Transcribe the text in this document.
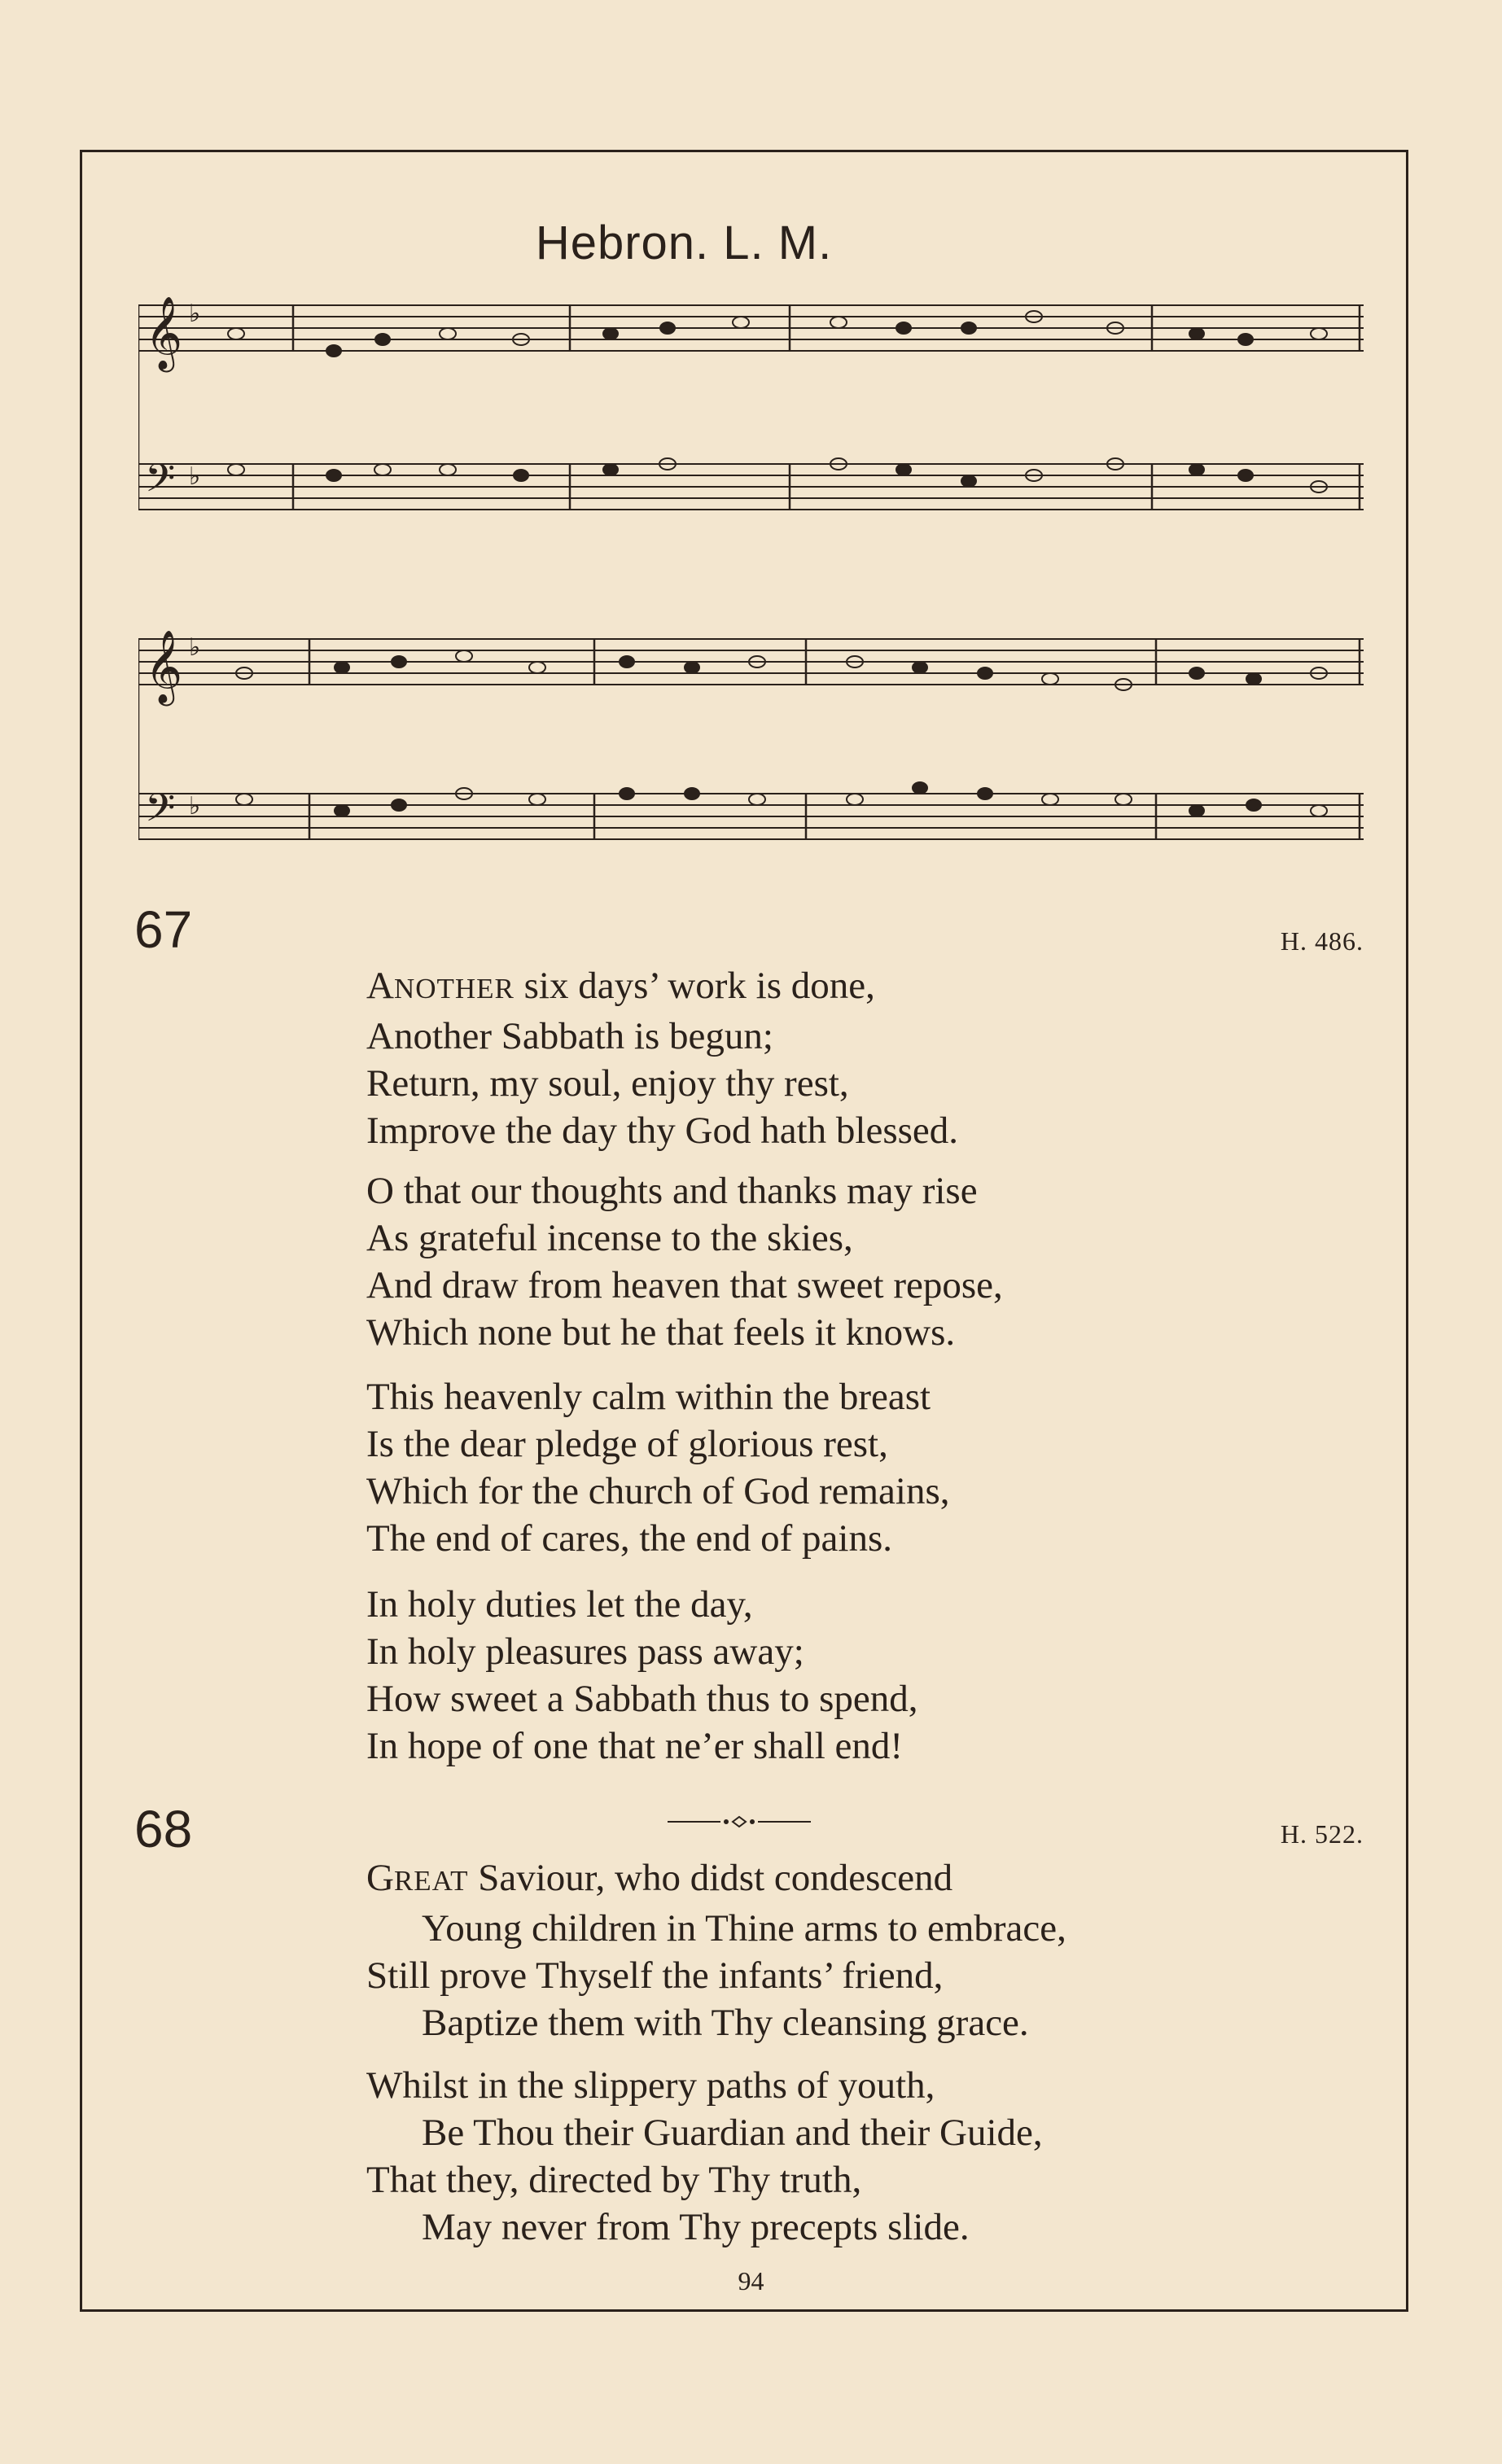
Hebron. L. M.
𝄞
𝄢
𝄞
𝄢
♭
♭
♭
♭
67	H. 486.
ANOTHER six days’ work is done,
Another Sabbath is begun;
Return, my soul, enjoy thy rest,
Improve the day thy God hath blessed.
O that our thoughts and thanks may rise
As grateful incense to the skies,
And draw from heaven that sweet repose,
Which none but he that feels it knows.
This heavenly calm within the breast
Is the dear pledge of glorious rest,
Which for the church of God remains,
The end of cares, the end of pains.
In holy duties let the day,
In holy pleasures pass away;
How sweet a Sabbath thus to spend,
In hope of one that ne’er shall end!
68	H. 522.
GREAT Saviour, who didst condescend
Young children in Thine arms to embrace,
Still prove Thyself the infants’ friend,
Baptize them with Thy cleansing grace.
Whilst in the slippery paths of youth,
Be Thou their Guardian and their Guide,
That they, directed by Thy truth,
May never from Thy precepts slide.
94
